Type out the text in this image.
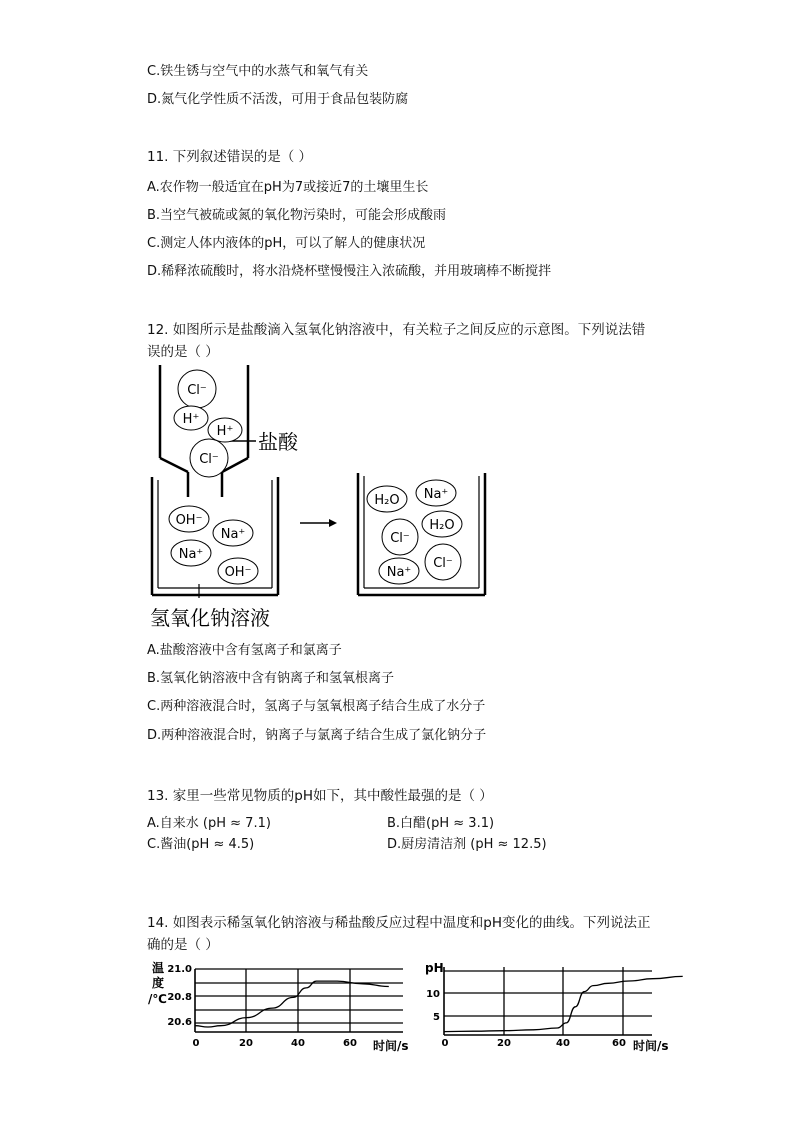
C.铁生锈与空气中的水蒸气和氧气有关
D.氮气化学性质不活泼，可用于食品包装防腐
11. 下列叙述错误的是（ ）
A.农作物一般适宜在pH为7或接近7的土壤里生长
B.当空气被硫或氮的氧化物污染时，可能会形成酸雨
C.测定人体内液体的pH，可以了解人的健康状况
D.稀释浓硫酸时，将水沿烧杯壁慢慢注入浓硫酸，并用玻璃棒不断搅拌
12. 如图所示是盐酸滴入氢氧化钠溶液中，有关粒子之间反应的示意图。下列说法错
误的是（ ）
盐酸
氢氧化钠溶液
Cl⁻
H⁺
H⁺
Cl⁻
OH⁻
Na⁺
Na⁺
OH⁻
H₂O Na⁺
Cl⁻
H₂O
Na⁺
Cl⁻
A.盐酸溶液中含有氢离子和氯离子
B.氢氧化钠溶液中含有钠离子和氢氧根离子
C.两种溶液混合时，氢离子与氢氧根离子结合生成了水分子
D.两种溶液混合时，钠离子与氯离子结合生成了氯化钠分子
13. 家里一些常见物质的pH如下，其中酸性最强的是（ ）
A.自来水 (pH ≈ 7.1)	B.白醋(pH ≈ 3.1)
C.酱油(pH ≈ 4.5)	D.厨房清洁剂 (pH ≈ 12.5)
14. 如图表示稀氢氧化钠溶液与稀盐酸反应过程中温度和pH变化的曲线。下列说法正
确的是（ ）
温
度
/℃
21.0
20.8
20.6
0	20	40	60 时间/s
pH
10
5
0	20	40	60 时间/s
